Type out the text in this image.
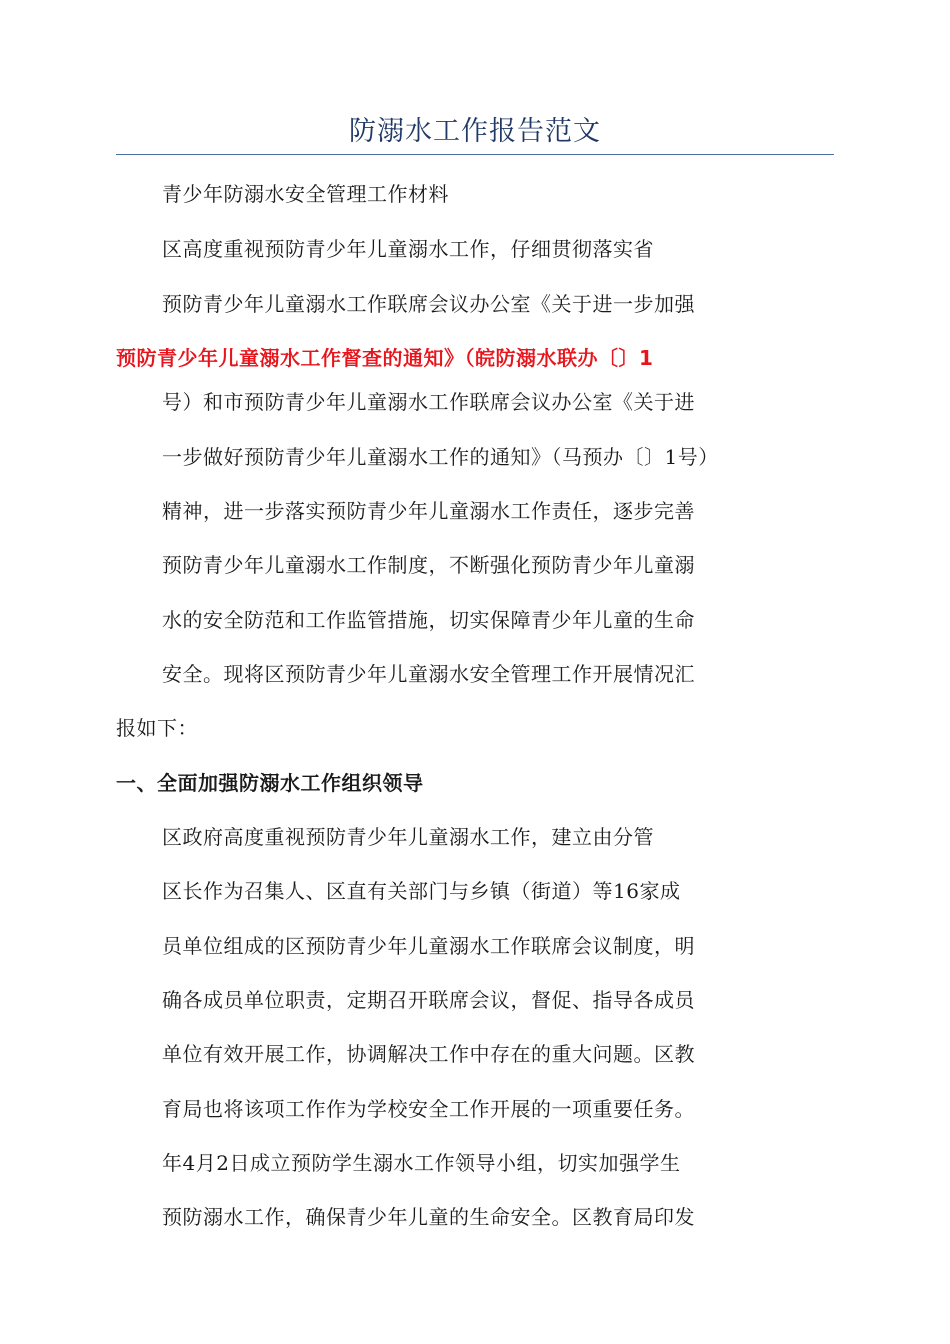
防溺水工作报告范文
青少年防溺水安全管理工作材料
区高度重视预防青少年儿童溺水工作，仔细贯彻落实省
预防青少年儿童溺水工作联席会议办公室《关于进一步加强
预防青少年儿童溺水工作督查的通知》（皖防溺水联办〔〕1
号）和市预防青少年儿童溺水工作联席会议办公室《关于进
一步做好预防青少年儿童溺水工作的通知》（马预办〔〕1号）
精神，进一步落实预防青少年儿童溺水工作责任，逐步完善
预防青少年儿童溺水工作制度，不断强化预防青少年儿童溺
水的安全防范和工作监管措施，切实保障青少年儿童的生命
安全。现将区预防青少年儿童溺水安全管理工作开展情况汇
报如下：
一、全面加强防溺水工作组织领导
区政府高度重视预防青少年儿童溺水工作，建立由分管
区长作为召集人、区直有关部门与乡镇（街道）等16家成
员单位组成的区预防青少年儿童溺水工作联席会议制度，明
确各成员单位职责，定期召开联席会议，督促、指导各成员
单位有效开展工作，协调解决工作中存在的重大问题。区教
育局也将该项工作作为学校安全工作开展的一项重要任务。
年4月2日成立预防学生溺水工作领导小组，切实加强学生
预防溺水工作，确保青少年儿童的生命安全。区教育局印发
